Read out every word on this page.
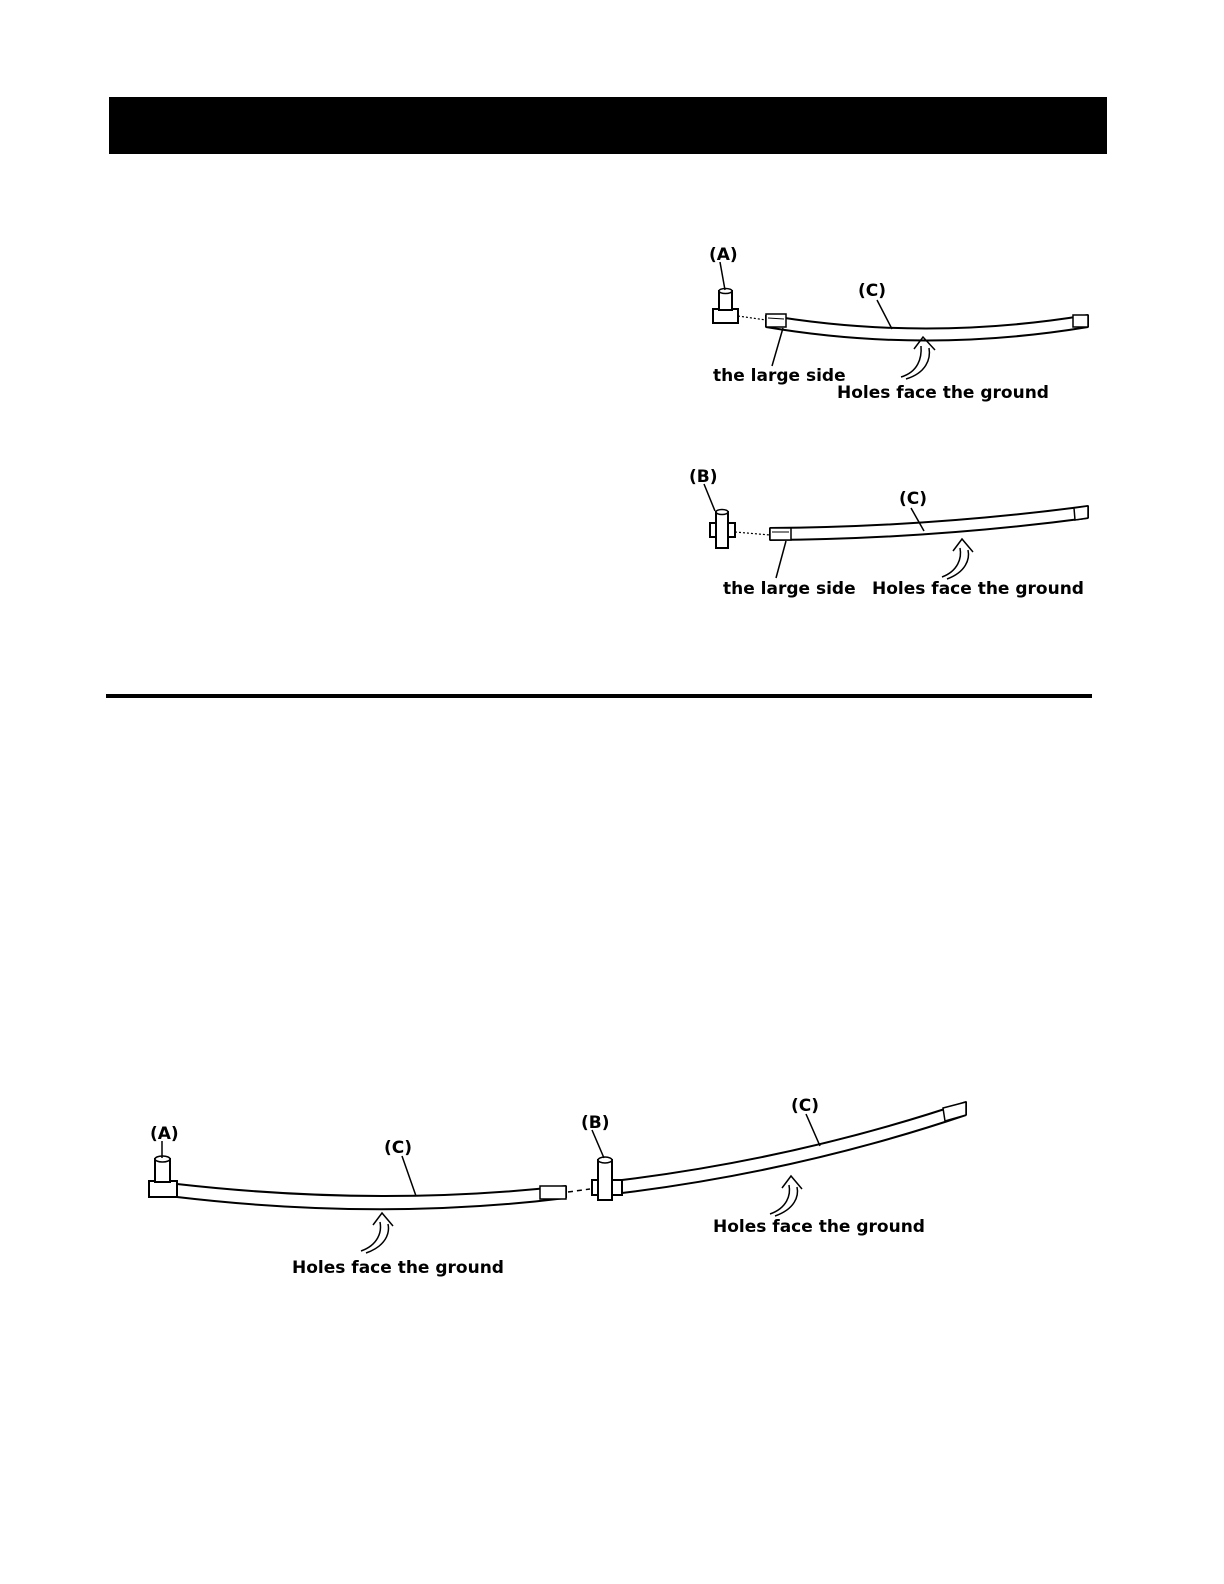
(A)
(C)
the large side
Holes face the ground
(B)
(C)
the large side Holes face the ground
(A)
(C)
Holes face the ground
(B)
(C)
Holes face the ground
